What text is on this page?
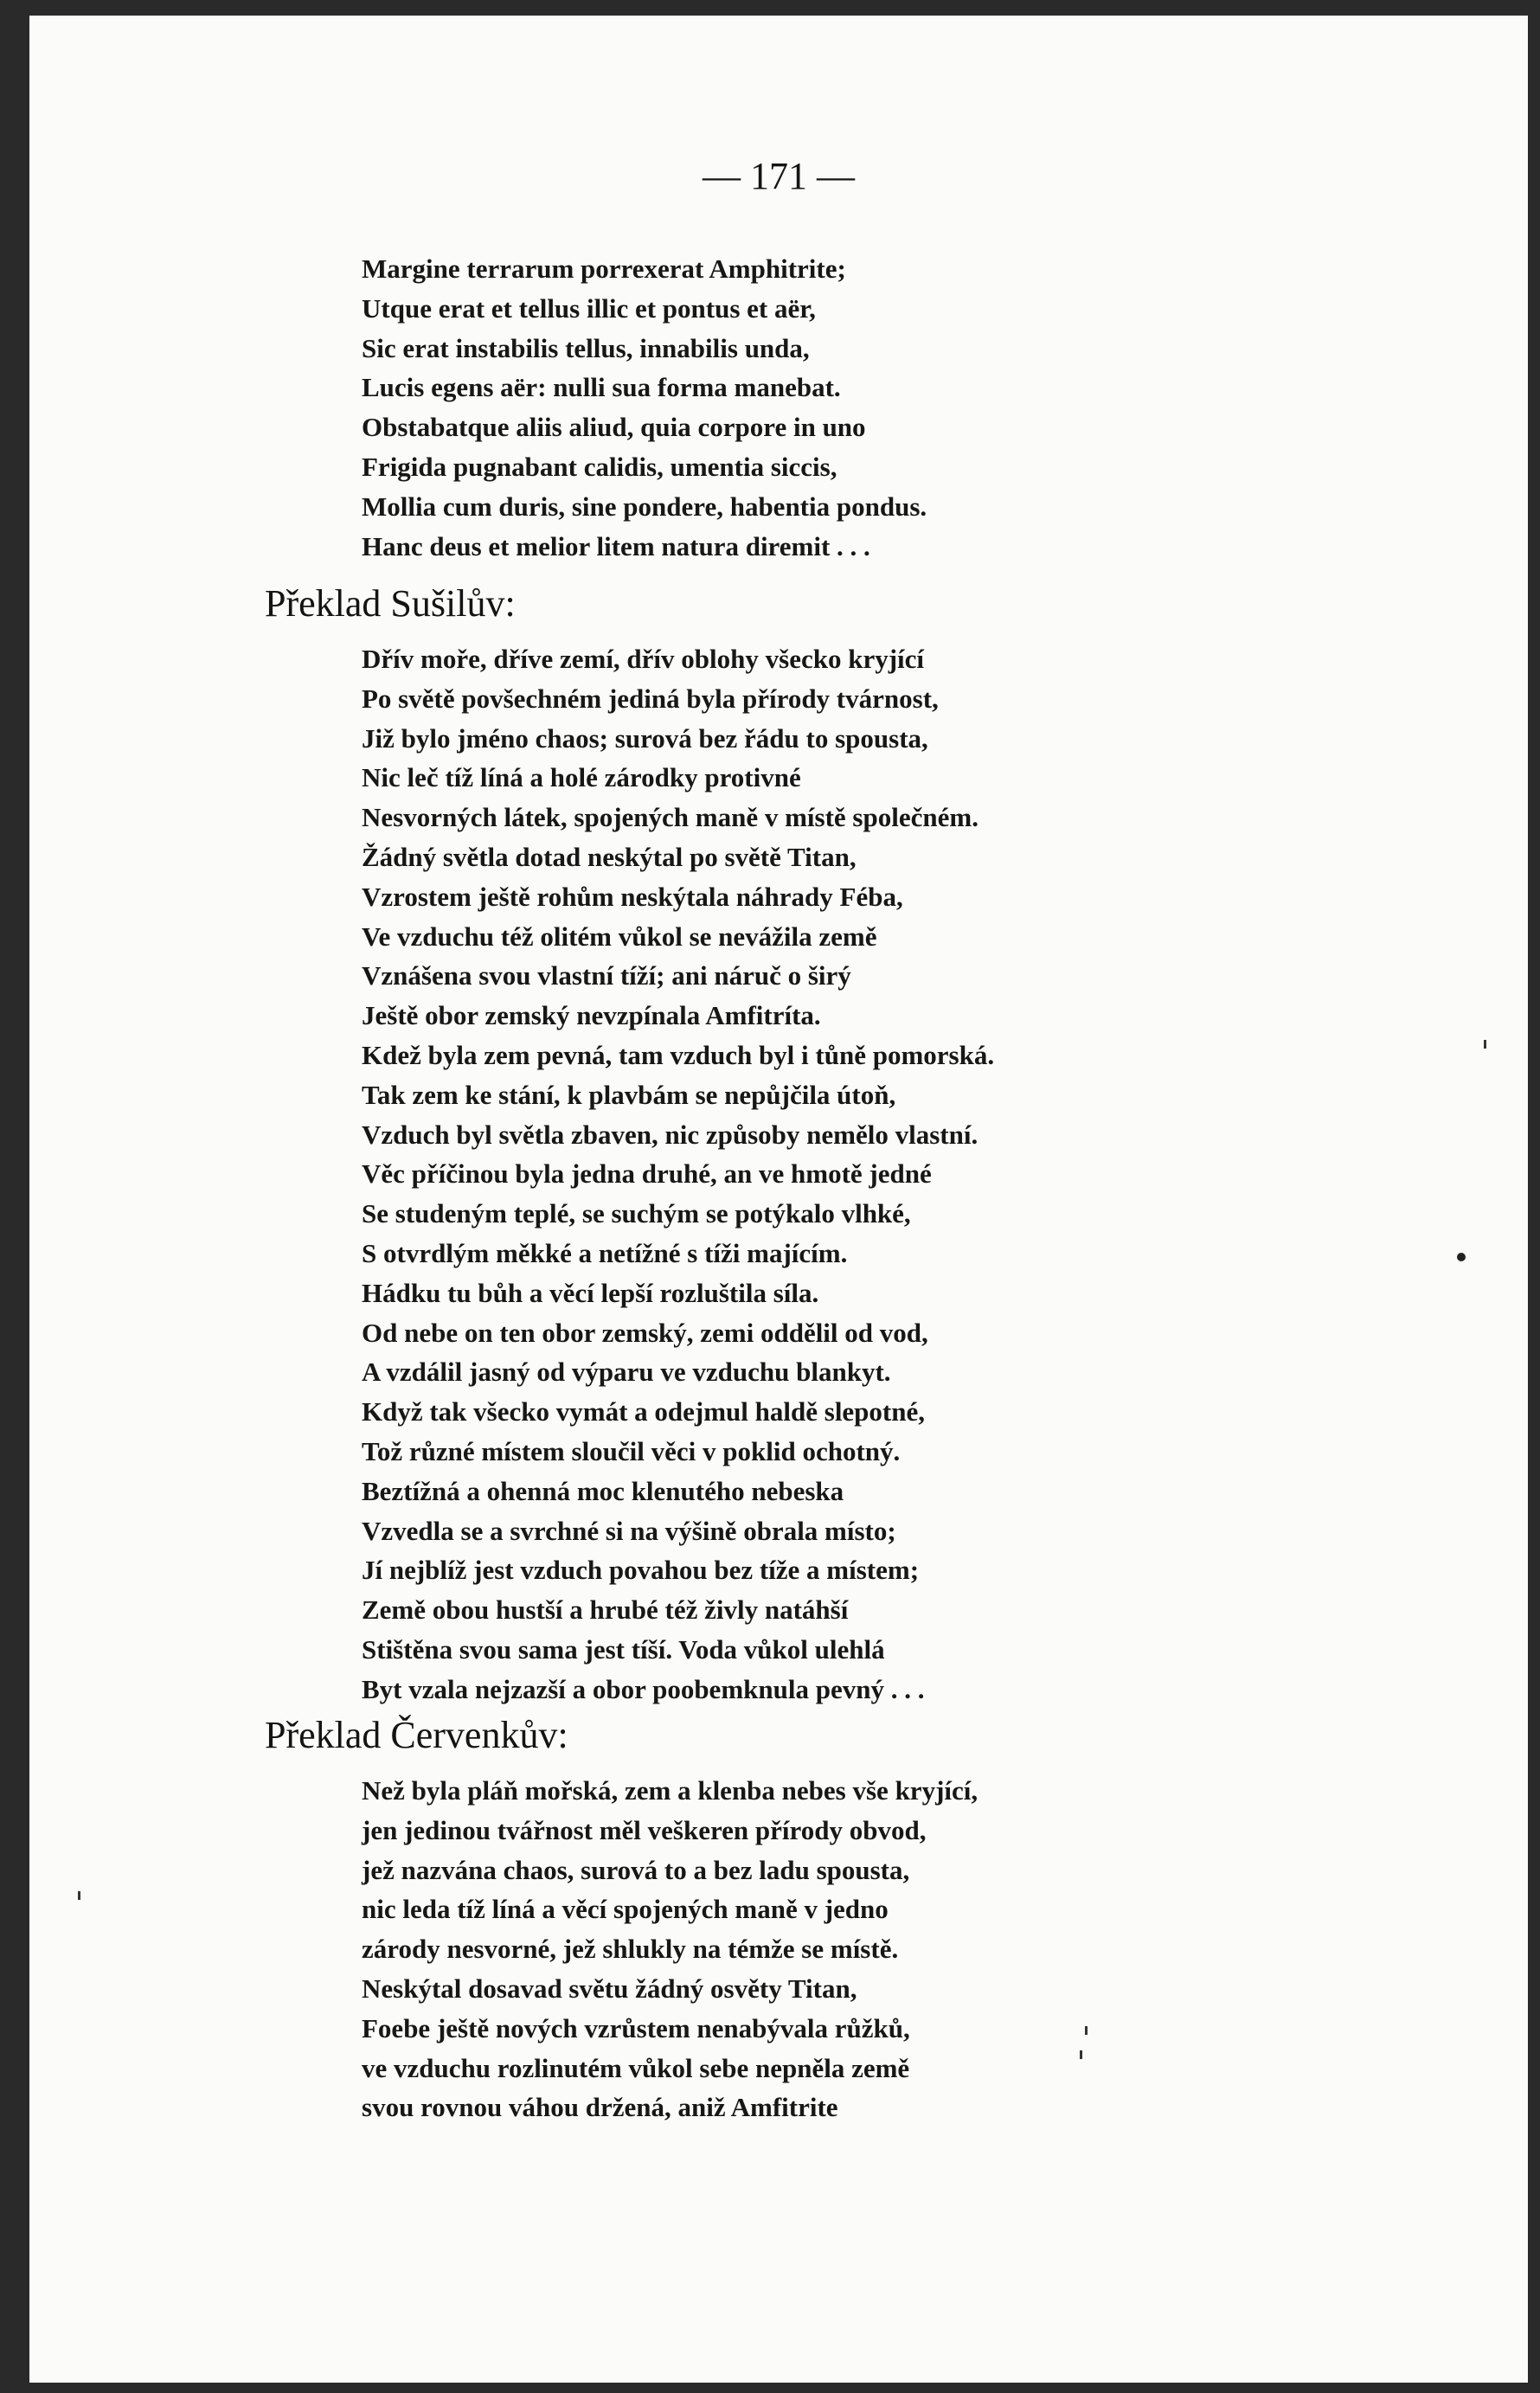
— 171 —
Margine terrarum porrexerat Amphitrite;
Utque erat et tellus illic et pontus et aër,
Sic erat instabilis tellus, innabilis unda,
Lucis egens aër: nulli sua forma manebat.
Obstabatque aliis aliud, quia corpore in uno
Frigida pugnabant calidis, umentia siccis,
Mollia cum duris, sine pondere, habentia pondus.
Hanc deus et melior litem natura diremit . . .
Překlad Sušilův:
Dřív moře, dříve zemí, dřív oblohy všecko kryjící
Po světě povšechném jediná byla přírody tvárnost,
Již bylo jméno chaos; surová bez řádu to spousta,
Nic leč tíž líná a holé zárodky protivné
Nesvorných látek, spojených maně v místě společném.
Žádný světla dotad neskýtal po světě Titan,
Vzrostem ještě rohům neskýtala náhrady Féba,
Ve vzduchu též olitém vůkol se nevážila země
Vznášena svou vlastní tíží; ani náruč o širý
Ještě obor zemský nevzpínala Amfitríta.
Kdež byla zem pevná, tam vzduch byl i tůně pomorská.
Tak zem ke stání, k plavbám se nepůjčila útoň,
Vzduch byl světla zbaven, nic způsoby nemělo vlastní.
Věc příčinou byla jedna druhé, an ve hmotě jedné
Se studeným teplé, se suchým se potýkalo vlhké,
S otvrdlým měkké a netížné s tíži majícím.
Hádku tu bůh a věcí lepší rozluštila síla.
Od nebe on ten obor zemský, zemi oddělil od vod,
A vzdálil jasný od výparu ve vzduchu blankyt.
Když tak všecko vymát a odejmul haldě slepotné,
Tož různé místem sloučil věci v poklid ochotný.
Beztížná a ohenná moc klenutého nebeska
Vzvedla se a svrchné si na výšině obrala místo;
Jí nejblíž jest vzduch povahou bez tíže a místem;
Země obou hustší a hrubé též živly natáhší
Stištěna svou sama jest tíší. Voda vůkol ulehlá
Byt vzala nejzazší a obor poobemknula pevný . . .
Překlad Červenkův:
Než byla pláň mořská, zem a klenba nebes vše kryjící,
jen jedinou tvářnost měl veškeren přírody obvod,
jež nazvána chaos, surová to a bez ladu spousta,
nic leda tíž líná a věcí spojených maně v jedno
zárody nesvorné, jež shlukly na témže se místě.
Neskýtal dosavad světu žádný osvěty Titan,
Foebe ještě nových vzrůstem nenabývala růžků,
ve vzduchu rozlinutém vůkol sebe nepněla země
svou rovnou váhou držená, aniž Amfitrite
